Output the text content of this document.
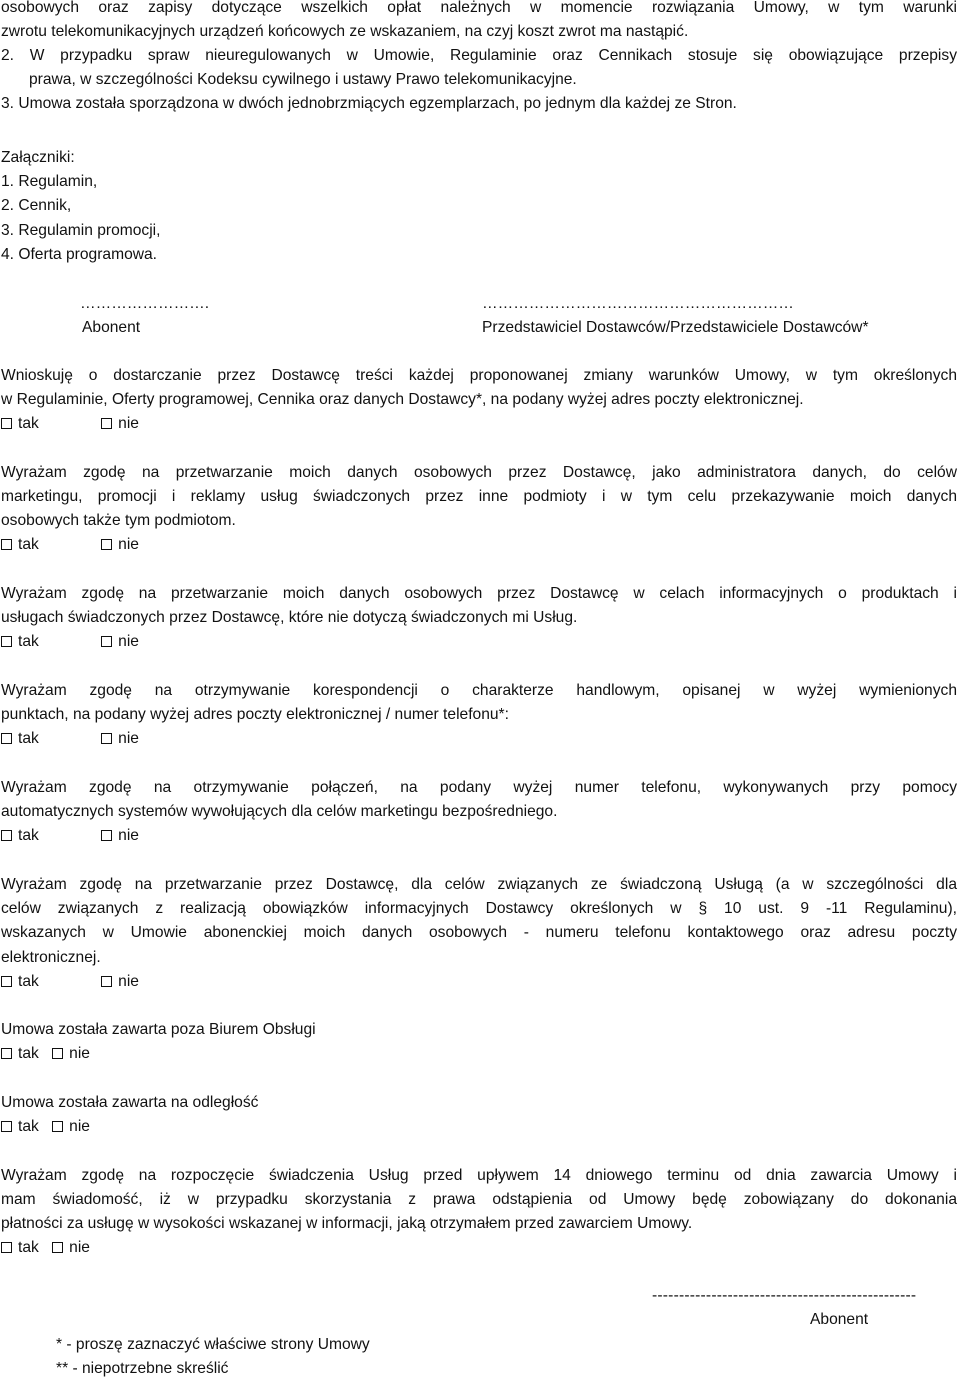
osobowych oraz zapisy dotyczące wszelkich opłat należnych w momencie rozwiązania Umowy, w tym warunki
zwrotu telekomunikacyjnych urządzeń końcowych ze wskazaniem, na czyj koszt zwrot ma nastąpić.
2. W przypadku spraw nieuregulowanych w Umowie, Regulaminie oraz Cennikach stosuje się obowiązujące przepisy
prawa, w szczególności Kodeksu cywilnego i ustawy Prawo telekomunikacyjne.
3. Umowa została sporządzona w dwóch jednobrzmiących egzemplarzach, po jednym dla każdej ze Stron.
Załączniki:
1. Regulamin,
2. Cennik,
3. Regulamin promocji,
4. Oferta programowa.
…………………….
Abonent
……………………………………………………
Przedstawiciel Dostawców/Przedstawiciele Dostawców*
Wnioskuję o dostarczanie przez Dostawcę treści każdej proponowanej zmiany warunków Umowy, w tym określonych
w Regulaminie, Oferty programowej, Cennika oraz danych Dostawcy*, na podany wyżej adres poczty elektronicznej.
tak	nie
Wyrażam zgodę na przetwarzanie moich danych osobowych przez Dostawcę, jako administratora danych, do celów
marketingu, promocji i reklamy usług świadczonych przez inne podmioty i w tym celu przekazywanie moich danych
osobowych także tym podmiotom.
tak	nie
Wyrażam zgodę na przetwarzanie moich danych osobowych przez Dostawcę w celach informacyjnych o produktach i
usługach świadczonych przez Dostawcę, które nie dotyczą świadczonych mi Usług.
tak	nie
Wyrażam zgodę na otrzymywanie korespondencji o charakterze handlowym, opisanej w wyżej wymienionych
punktach, na podany wyżej adres poczty elektronicznej / numer telefonu*:
tak	nie
Wyrażam zgodę na otrzymywanie połączeń, na podany wyżej numer telefonu, wykonywanych przy pomocy
automatycznych systemów wywołujących dla celów marketingu bezpośredniego.
tak	nie
Wyrażam zgodę na przetwarzanie przez Dostawcę, dla celów związanych ze świadczoną Usługą (a w szczególności dla
celów związanych z realizacją obowiązków informacyjnych Dostawcy określonych w § 10 ust. 9 -11 Regulaminu),
wskazanych w Umowie abonenckiej moich danych osobowych - numeru telefonu kontaktowego oraz adresu poczty
elektronicznej.
tak	nie
Umowa została zawarta poza Biurem Obsługi
tak nie
Umowa została zawarta na odległość
tak nie
Wyrażam zgodę na rozpoczęcie świadczenia Usług przed upływem 14 dniowego terminu od dnia zawarcia Umowy i
mam świadomość, iż w przypadku skorzystania z prawa odstąpienia od Umowy będę zobowiązany do dokonania
płatności za usługę w wysokości wskazanej w informacji, jaką otrzymałem przed zawarciem Umowy.
tak nie
-------------------------------------------------
Abonent
* - proszę zaznaczyć właściwe strony Umowy
** - niepotrzebne skreślić
